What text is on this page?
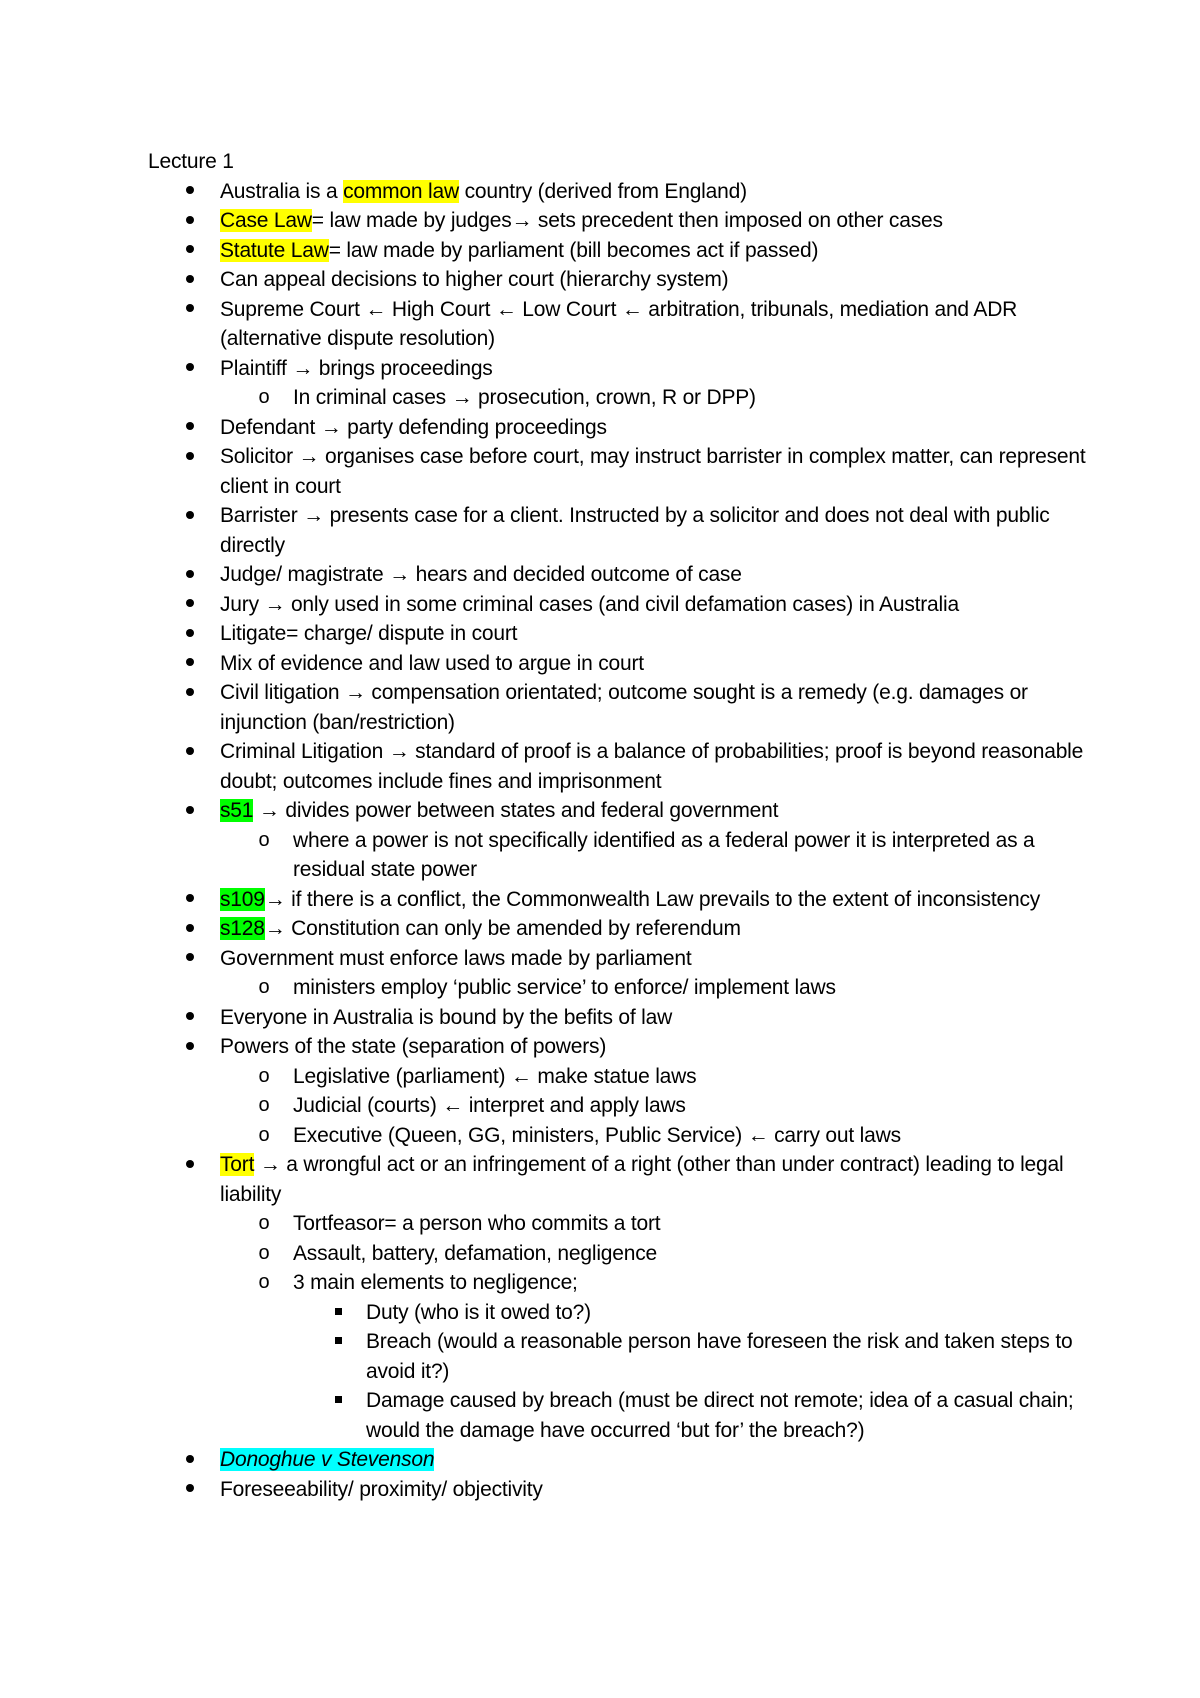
Lecture 1
Australia is a common law country (derived from England)
Case Law= law made by judges→ sets precedent then imposed on other cases
Statute Law= law made by parliament (bill becomes act if passed)
Can appeal decisions to higher court (hierarchy system)
Supreme Court ← High Court ← Low Court ← arbitration, tribunals, mediation and ADR (alternative dispute resolution)
Plaintiff → brings proceedings
o In criminal cases → prosecution, crown, R or DPP)
Defendant → party defending proceedings
Solicitor → organises case before court, may instruct barrister in complex matter, can represent client in court
Barrister → presents case for a client. Instructed by a solicitor and does not deal with public directly
Judge/ magistrate → hears and decided outcome of case
Jury → only used in some criminal cases (and civil defamation cases) in Australia
Litigate= charge/ dispute in court
Mix of evidence and law used to argue in court
Civil litigation → compensation orientated; outcome sought is a remedy (e.g. damages or injunction (ban/restriction)
Criminal Litigation → standard of proof is a balance of probabilities; proof is beyond reasonable doubt; outcomes include fines and imprisonment
s51 → divides power between states and federal government
o where a power is not specifically identified as a federal power it is interpreted as a residual state power
s109→ if there is a conflict, the Commonwealth Law prevails to the extent of inconsistency
s128→ Constitution can only be amended by referendum
Government must enforce laws made by parliament
o ministers employ ‘public service’ to enforce/ implement laws
Everyone in Australia is bound by the befits of law
Powers of the state (separation of powers)
o Legislative (parliament) ← make statue laws
o Judicial (courts) ← interpret and apply laws
o Executive (Queen, GG, ministers, Public Service) ← carry out laws
Tort → a wrongful act or an infringement of a right (other than under contract) leading to legal liability
o Tortfeasor= a person who commits a tort
o Assault, battery, defamation, negligence
o 3 main elements to negligence;
Duty (who is it owed to?)
Breach (would a reasonable person have foreseen the risk and taken steps to avoid it?)
Damage caused by breach (must be direct not remote; idea of a casual chain; would the damage have occurred ‘but for’ the breach?)
Donoghue v Stevenson
Foreseeability/ proximity/ objectivity
